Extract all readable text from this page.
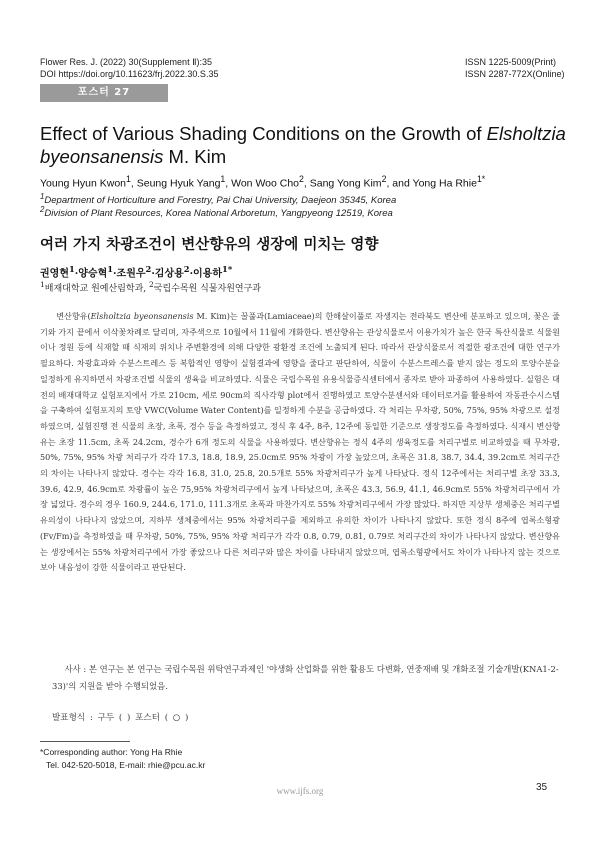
Flower Res. J. (2022) 30(Supplement Ⅱ):35
DOI https://doi.org/10.11623/frj.2022.30.S.35
ISSN 1225-5009(Print)
ISSN 2287-772X(Online)
포스터 27
Effect of Various Shading Conditions on the Growth of Elsholtzia byeonsanensis M. Kim
Young Hyun Kwon$^1$, Seung Hyuk Yang$^1$, Won Woo Cho$^2$, Sang Yong Kim$^2$, and Yong Ha Rhie$^{1*}$
$^1$Department of Horticulture and Forestry, Pai Chai University, Daejeon 35345, Korea
$^2$Division of Plant Resources, Korea National Arboretum, Yangpyeong 12519, Korea
여러 가지 차광조건이 변산향유의 생장에 미치는 영향
권영현$^1$·양승혁$^1$·조원우$^2$·김상용$^2$·이용하$^{1*}$
$^1$배재대학교 원예산림학과, $^2$국립수목원 식물자원연구과

변산향유(Elsholtzia byeonsanensis M. Kim)는 꿀풀과(Lamiaceae)의 한해살이풀로 자생지는 전라북도 변산에 분포하고 있으며, 꽃은 줄기와 가지 끝에서 이삭꽃차례로 달리며, 자주색으로 10월에서 11월에 개화한다. 변산향유는 관상식물로서 이용가치가 높은 한국 특산식물로 식물원이나 정원 등에 식재할 때 식재의 위치나 주변환경에 의해 다양한 광환경 조건에 노출되게 된다. 따라서 관상식물로서 적절한 광조건에 대한 연구가 필요하다. 차광효과와 수분스트레스 등 복합적인 영향이 실험결과에 영향을 줄다고 판단하여, 식물이 수분스트레스를 받지 않는 정도의 토양수분을 일정하게 유지하면서 차광조건별 식물의 생육을 비교하였다. 식물은 국립수목원 유용식물증식센터에서 종자로 받아 파종하여 사용하였다. 실험은 대전의 배재대학교 실험포지에서 가로 210cm, 세로 90cm의 직사각형 plot에서 진행하였고 토양수분센서와 데이터로거를 활용하여 자동관수시스템을 구축하여 실험포지의 토양 VWC(Volume Water Content)를 일정하게 수분을 공급하였다. 각 처리는 무차광, 50%, 75%, 95% 차광으로 설정하였으며, 실험진행 전 식물의 초장, 초폭, 경수 등을 측정하였고, 정식 후 4주, 8주, 12주에 동일한 기준으로 생장정도를 측정하였다. 식재시 변산향유는 초장 11.5cm, 초폭 24.2cm, 경수가 6개 정도의 식물을 사용하였다. 변산향유는 정식 4주의 생육정도를 처리구별로 비교하였을 때 무차광, 50%, 75%, 95% 차광 처리구가 각각 17.3, 18.8, 18.9, 25.0cm로 95% 차광이 가장 높았으며, 초폭은 31.8, 38.7, 34.4, 39.2cm로 처리구간의 차이는 나타나지 않았다. 경수는 각각 16.8, 31.0, 25.8, 20.5개로 55% 차광처리구가 높게 나타났다. 정식 12주에서는 처리구별 초장 33.3, 39.6, 42.9, 46.9cm로 차광률이 높은 75,95% 차광처리구에서 높게 나타났으며, 초폭은 43.3, 56.9, 41.1, 46.9cm로 55% 차광처리구에서 가장 넓었다. 경수의 경우 160.9, 244.6, 171.0, 111.3개로 초폭과 마찬가지로 55% 차광처리구에서 가장 많았다. 하지만 지상부 생체중은 처리구별 유의성이 나타나지 않았으며, 지하부 생체중에서는 95% 차광처리구를 제외하고 유의한 차이가 나타나지 않았다. 또한 정식 8주에 엽록소형광(Fv/Fm)을 측정하였을 때 무차광, 50%, 75%, 95% 차광 처리구가 각각 0.8, 0.79, 0.81, 0.79로 처리구간의 차이가 나타나지 않았다. 변산향유는 생장에서는 55% 차광처리구에서 가장 좋았으나 다른 처리구와 많은 차이를 나타내지 않았으며, 엽록소형광에서도 차이가 나타나지 않는 것으로 보아 내음성이 강한 식물이라고 판단된다.

사사 : 본 연구는 본 연구는 국립수목원 위탁연구과제인 '야생화 산업화를 위한 활용도 다변화, 연중재배 및 개화조절 기술개발(KNA1-2-33)'의 지원을 받아 수행되었음.
발표형식 : 구두 ( ) 포스터 ( ○ )
*Corresponding author: Yong Ha Rhie
Tel. 042-520-5018, E-mail: rhie@pcu.ac.kr
www.ijfs.org	35
